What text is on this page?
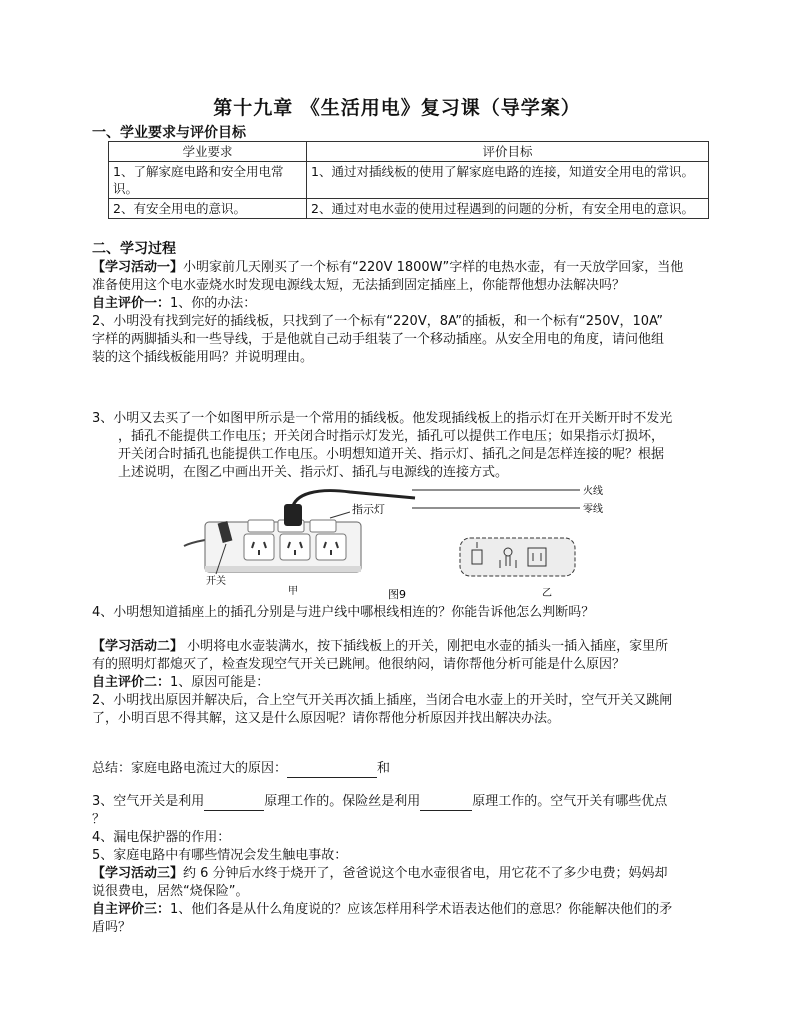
第十九章 《生活用电》复习课（导学案）
一、学业要求与评价目标
学业要求	评价目标
1、了解家庭电路和安全用电常识。	1、通过对插线板的使用了解家庭电路的连接，知道安全用电的常识。
2、有安全用电的意识。	2、通过对电水壶的使用过程遇到的问题的分析，有安全用电的意识。
二、学习过程
【学习活动一】小明家前几天刚买了一个标有“220V 1800W”字样的电热水壶，有一天放学回家，当他
准备使用这个电水壶烧水时发现电源线太短，无法插到固定插座上，你能帮他想办法解决吗？
自主评价一：1、你的办法：
2、小明没有找到完好的插线板，只找到了一个标有“220V，8A”的插板，和一个标有“250V，10A”
字样的两脚插头和一些导线，于是他就自己动手组装了一个移动插座。从安全用电的角度，请问他组
装的这个插线板能用吗？并说明理由。
3、小明又去买了一个如图甲所示是一个常用的插线板。他发现插线板上的指示灯在开关断开时不发光
，插孔不能提供工作电压；开关闭合时指示灯发光，插孔可以提供工作电压；如果指示灯损坏，
开关闭合时插孔也能提供工作电压。小明想知道开关、指示灯、插孔之间是怎样连接的呢？根据
上述说明，在图乙中画出开关、指示灯、插孔与电源线的连接方式。
指示灯
开关
甲	图9
火线
零线
乙
4、小明想知道插座上的插孔分别是与进户线中哪根线相连的？你能告诉他怎么判断吗？
【学习活动二】 小明将电水壶装满水，按下插线板上的开关，刚把电水壶的插头一插入插座，家里所
有的照明灯都熄灭了，检查发现空气开关已跳闸。他很纳闷，请你帮他分析可能是什么原因？
自主评价二：1、原因可能是：
2、小明找出原因并解决后，合上空气开关再次插上插座，当闭合电水壶上的开关时，空气开关又跳闸
了，小明百思不得其解，这又是什么原因呢？请你帮他分析原因并找出解决办法。
总结：家庭电路电流过大的原因：	和
3、空气开关是利用	原理工作的。保险丝是利用	原理工作的。空气开关有哪些优点
？
4、漏电保护器的作用：
5、家庭电路中有哪些情况会发生触电事故：
【学习活动三】约 6 分钟后水终于烧开了，爸爸说这个电水壶很省电，用它花不了多少电费；妈妈却
说很费电，居然“烧保险”。
自主评价三：1、他们各是从什么角度说的？应该怎样用科学术语表达他们的意思？你能解决他们的矛
盾吗？
